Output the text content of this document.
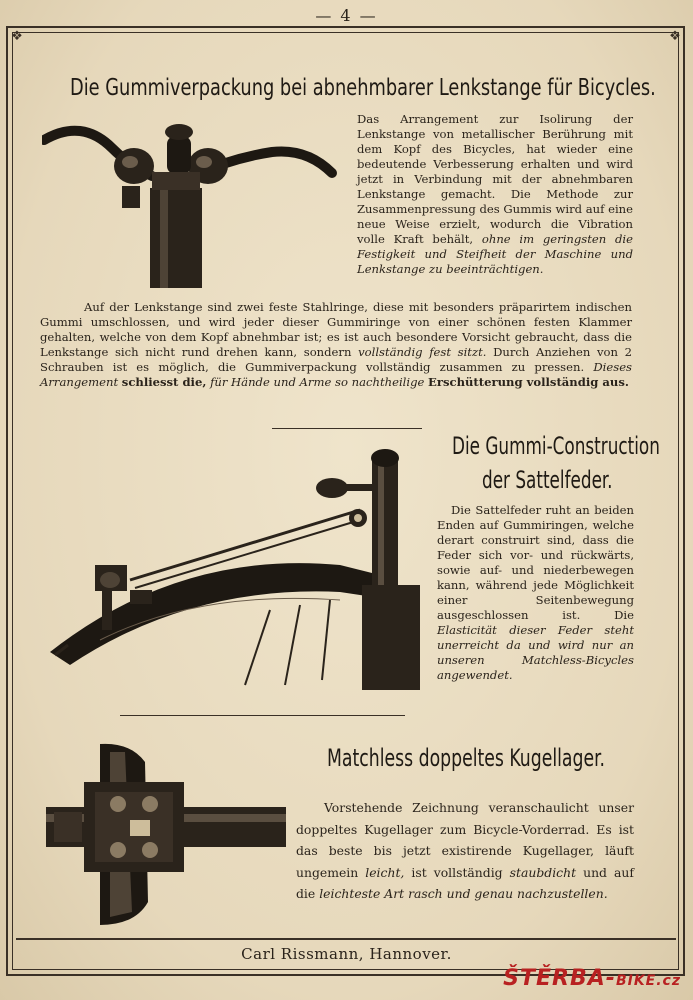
— 4 —
❖	❖
Die Gummiverpackung bei abnehmbarer Lenkstange für Bicycles.
Das Arrangement zur Isolirung der Lenkstange von metallischer Berührung mit dem Kopf des Bicycles, hat wieder eine bedeutende Verbesserung erhalten und wird jetzt in Verbindung mit der abnehmbaren Lenkstange gemacht. Die Methode zur Zusammenpressung des Gummis wird auf eine neue Weise erzielt, wodurch die Vibration volle Kraft behält, ohne im geringsten die Festigkeit und Steifheit der Maschine und Lenkstange zu beeinträchtigen.
Auf der Lenkstange sind zwei feste Stahlringe, diese mit besonders präparirtem indischen Gummi umschlossen, und wird jeder dieser Gummiringe von einer schönen festen Klammer gehalten, welche von dem Kopf abnehmbar ist; es ist auch besondere Vorsicht gebraucht, dass die Lenkstange sich nicht rund drehen kann, sondern vollständig fest sitzt. Durch Anziehen von 2 Schrauben ist es möglich, die Gummiverpackung vollständig zusammen zu pressen. Dieses Arrangement schliesst die, für Hände und Arme so nachtheilige Erschütterung vollständig aus.
Die Gummi-Construction
der Sattelfeder.
Die Sattelfeder ruht an beiden Enden auf Gummiringen, welche derart construirt sind, dass die Feder sich vor- und rückwärts, sowie auf- und niederbewegen kann, während jede Möglichkeit einer Seitenbewegung ausgeschlossen ist. Die Elasticität dieser Feder steht unerreicht da und wird nur an unseren Matchless-Bicycles angewendet.
Matchless doppeltes Kugellager.
Vorstehende Zeichnung veranschaulicht unser doppeltes Kugellager zum Bicycle-Vorderrad. Es ist das beste bis jetzt existirende Kugellager, läuft ungemein leicht, ist vollständig staubdicht und auf die leichteste Art rasch und genau nachzustellen.
Carl Rissmann, Hannover.
ŠTĚRBA-BIKE.cz
